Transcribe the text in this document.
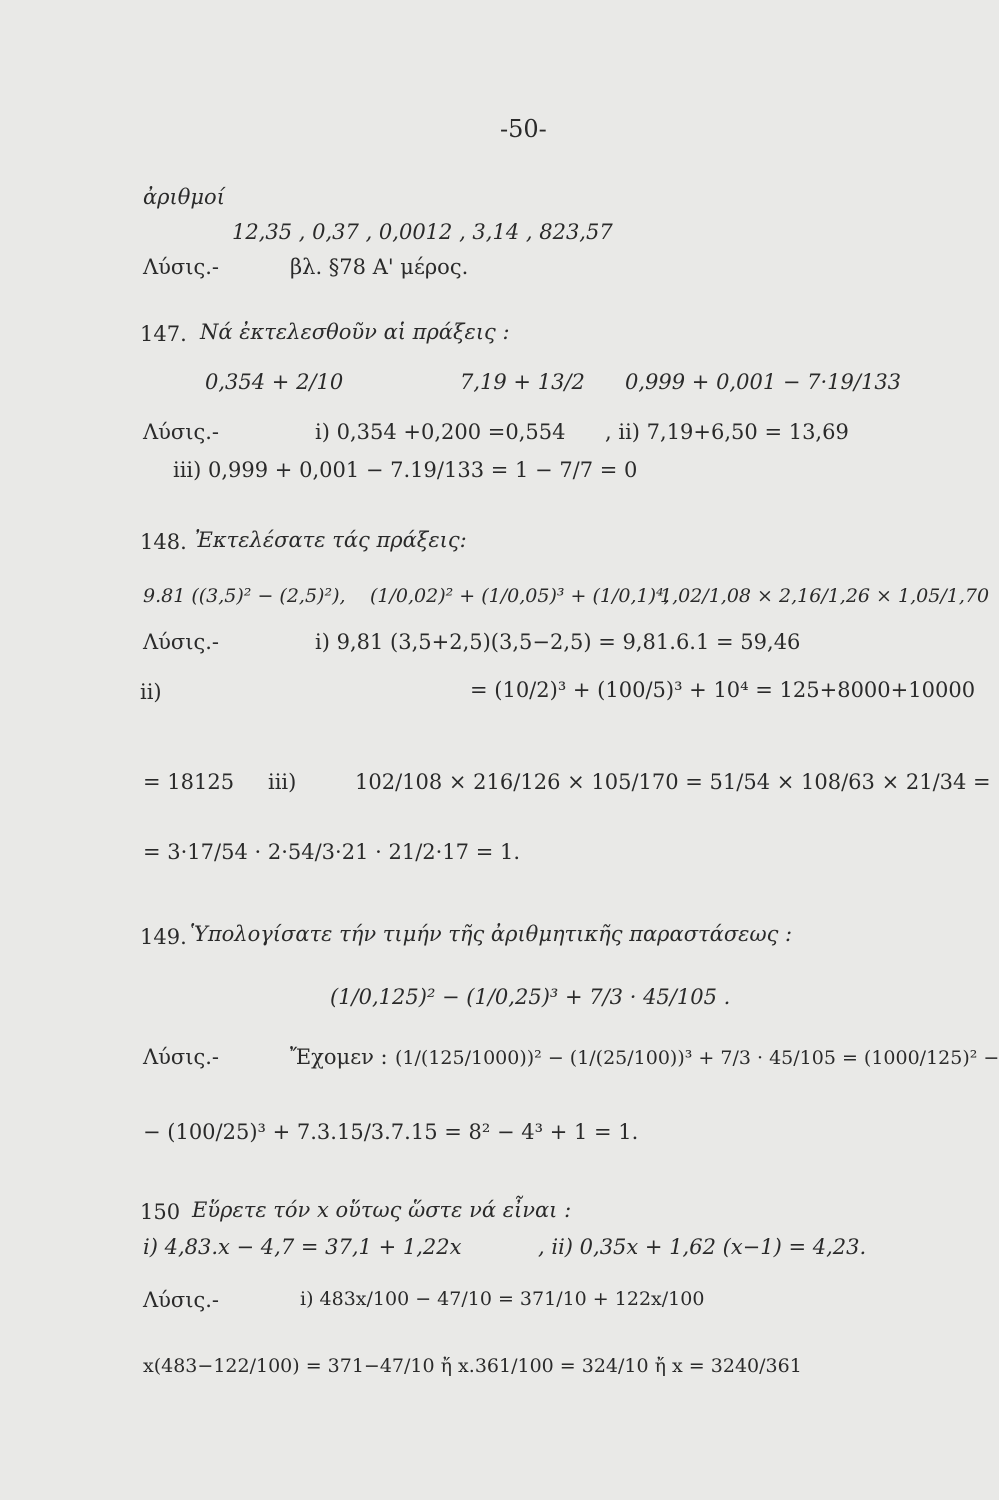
-50-
ἀριθμοί
12,35 , 0,37 , 0,0012 , 3,14 , 823,57
Λύσις.-	βλ. §78 Α' μέρος.
147. Νά ἐκτελεσθοῦν αἱ πράξεις :
0,354 + 2/10	7,19 + 13/2 0,999 + 0,001 − 7·19/133
Λύσις.-	i) 0,354 +0,200 =0,554 , ii) 7,19+6,50 = 13,69
iii) 0,999 + 0,001 − 7.19/133 = 1 − 7/7 = 0
148. Ἐκτελέσατε τάς πράξεις:
9.81 ((3,5)² − (2,5)²), (1/0,02)² + (1/0,05)³ + (1/0,1)⁴,
1,02/1,08 × 2,16/1,26 × 1,05/1,70
Λύσις.-	i) 9,81 (3,5+2,5)(3,5−2,5) = 9,81.6.1 = 59,46
ii)	= (10/2)³ + (100/5)³ + 10⁴ = 125+8000+10000
= 18125 iii)	102/108 × 216/126 × 105/170 = 51/54 × 108/63 × 21/34 =
= 3·17/54 · 2·54/3·21 · 21/2·17 = 1.
149. Ὑπολογίσατε τήν τιμήν τῆς ἀριθμητικῆς παραστάσεως :
(1/0,125)² − (1/0,25)³ + 7/3 · 45/105 .
Λύσις.-	Ἔχομεν : (1/(125/1000))² − (1/(25/100))³ + 7/3 · 45/105 = (1000/125)² −
− (100/25)³ + 7.3.15/3.7.15 = 8² − 4³ + 1 = 1.
150 Εὕρετε τόν x οὕτως ὥστε νά εἶναι :
i) 4,83.x − 4,7 = 37,1 + 1,22x	, ii) 0,35x + 1,62 (x−1) = 4,23.
Λύσις.-	i) 483x/100 − 47/10 = 371/10 + 122x/100
x(483−122/100) = 371−47/10 ἤ x.361/100 = 324/10 ἤ x = 3240/361
